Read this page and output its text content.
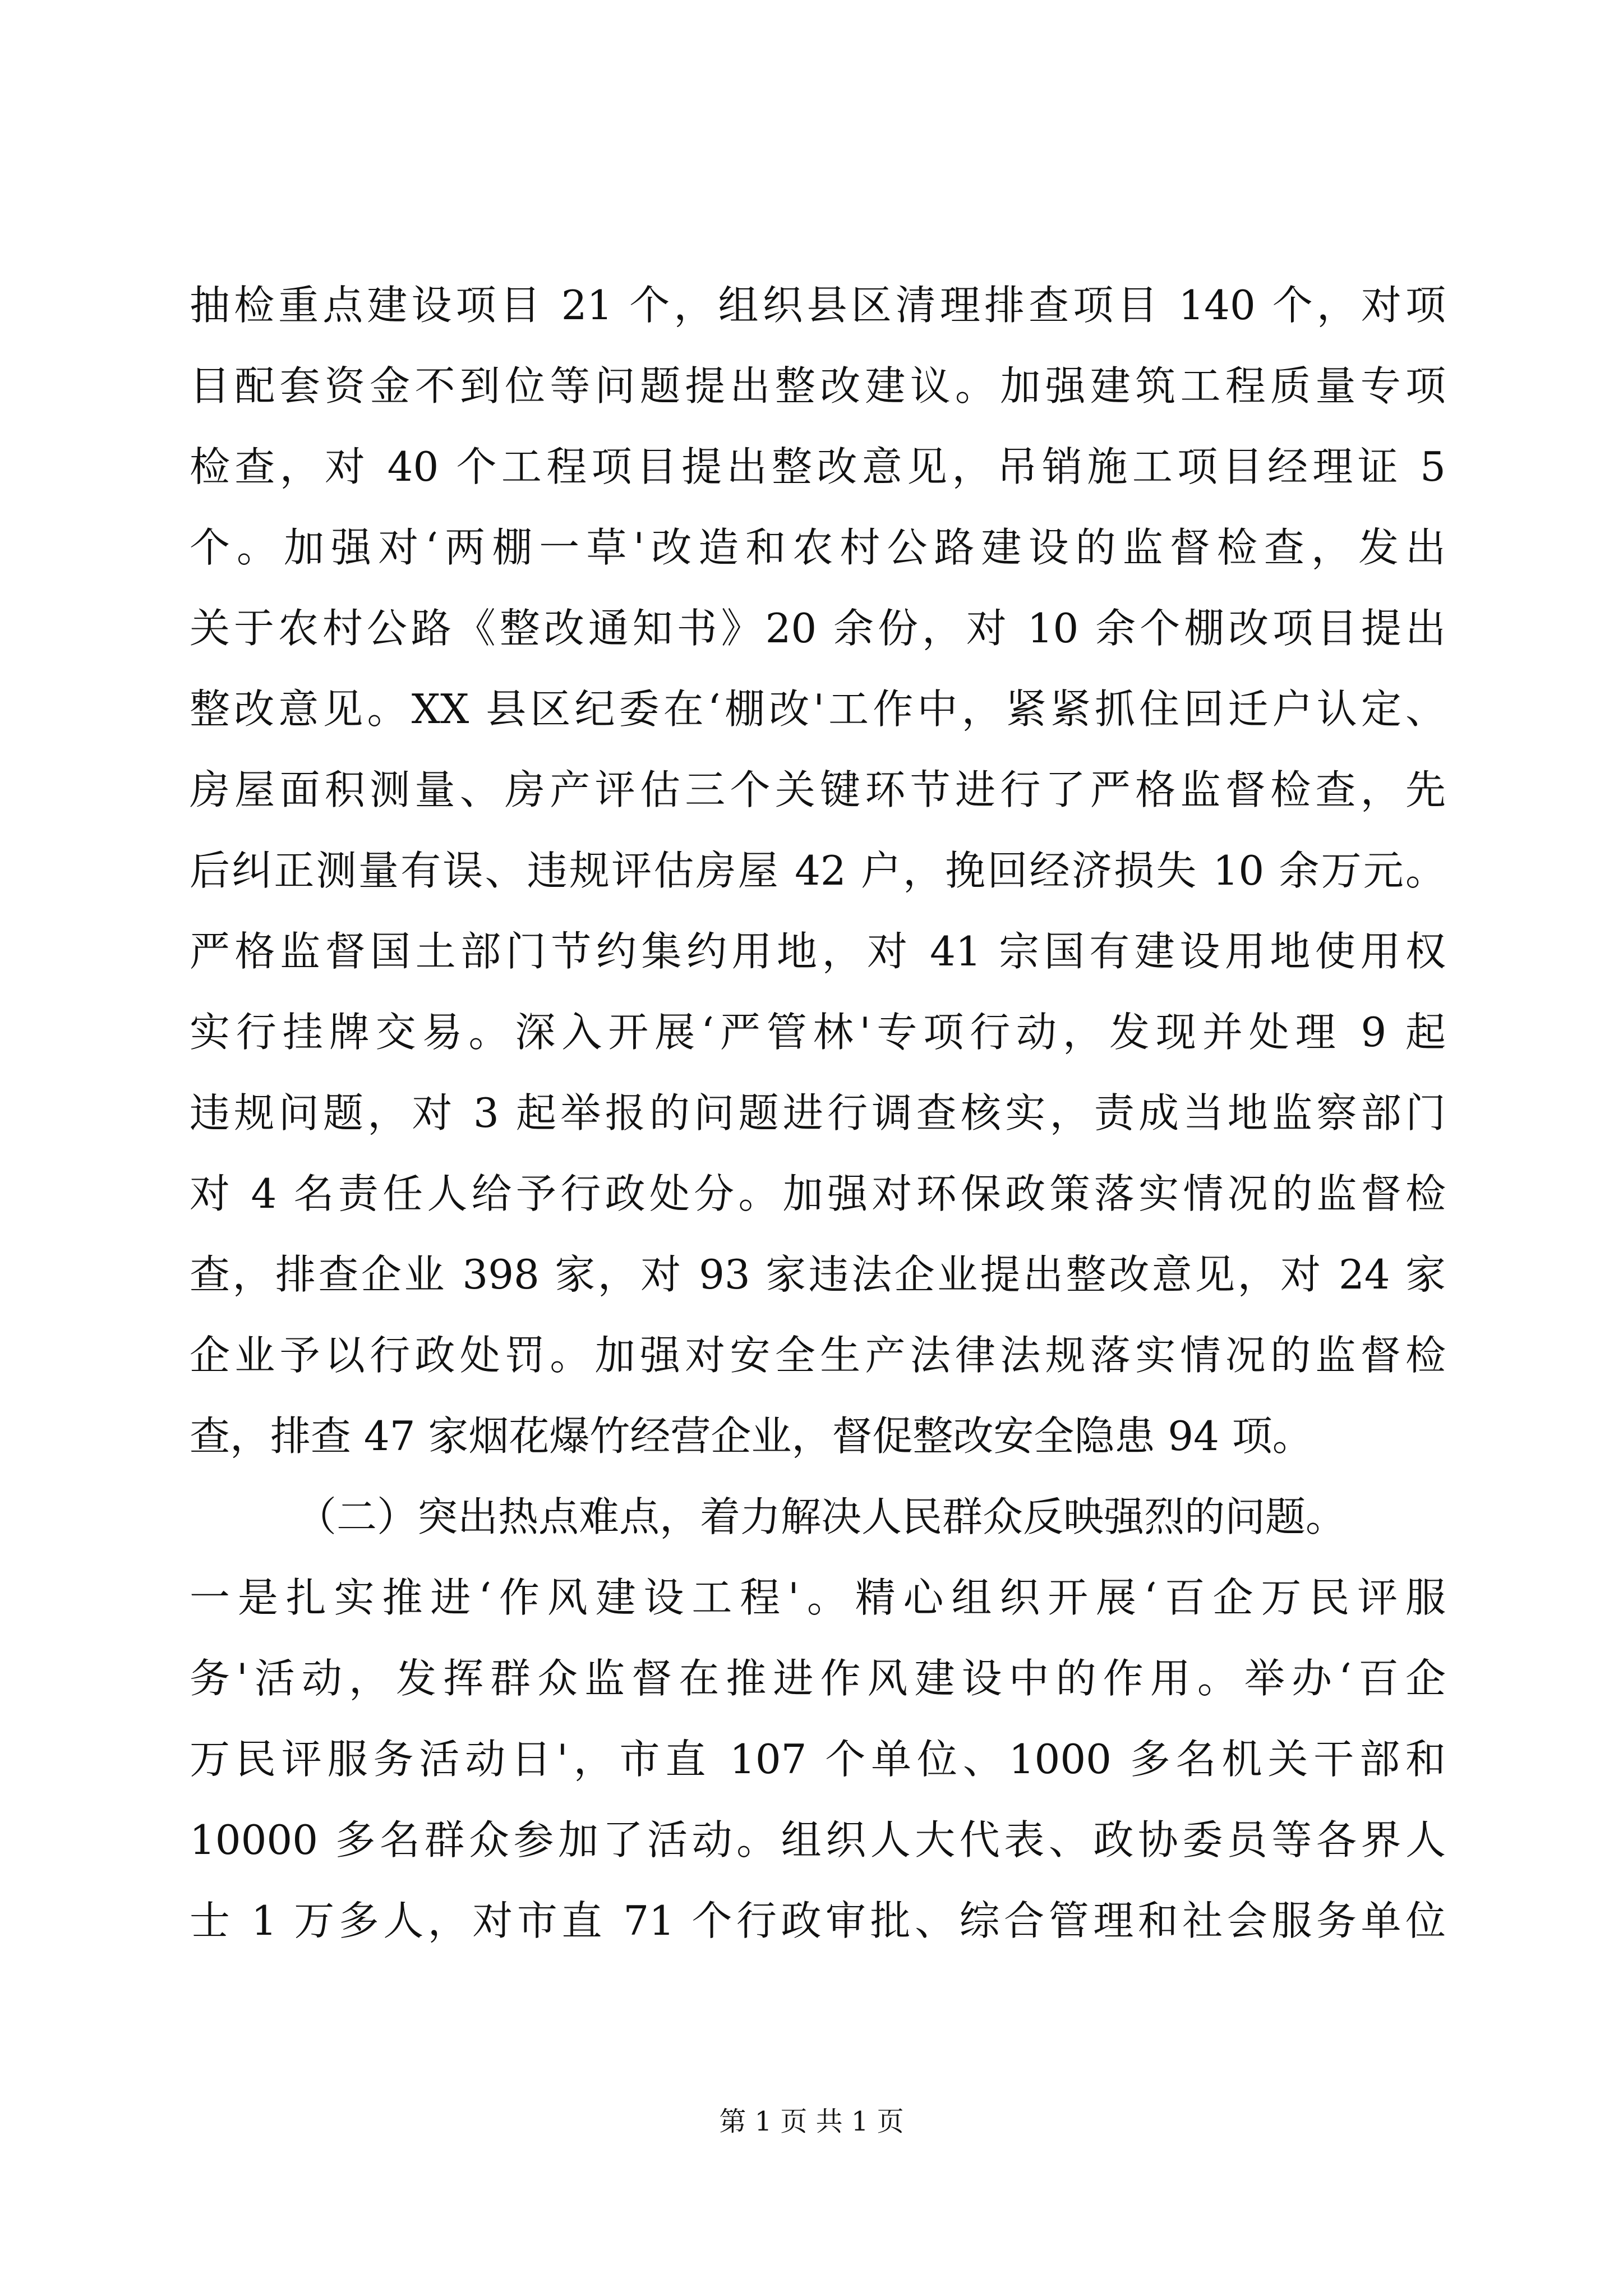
抽检重点建设项目 21 个，组织县区清理排查项目 140 个，对项
目配套资金不到位等问题提出整改建议。加强建筑工程质量专项
检查，对 40 个工程项目提出整改意见，吊销施工项目经理证 5
个。加强对‘两棚一草'改造和农村公路建设的监督检查，发出
关于农村公路《整改通知书》20 余份，对 10 余个棚改项目提出
整改意见。XX 县区纪委在‘棚改'工作中，紧紧抓住回迁户认定、
房屋面积测量、房产评估三个关键环节进行了严格监督检查，先
后纠正测量有误、违规评估房屋 42 户，挽回经济损失 10 余万元。
严格监督国土部门节约集约用地，对 41 宗国有建设用地使用权
实行挂牌交易。深入开展‘严管林'专项行动，发现并处理 9 起
违规问题，对 3 起举报的问题进行调查核实，责成当地监察部门
对 4 名责任人给予行政处分。加强对环保政策落实情况的监督检
查，排查企业 398 家，对 93 家违法企业提出整改意见，对 24 家
企业予以行政处罚。加强对安全生产法律法规落实情况的监督检
查，排查 47 家烟花爆竹经营企业，督促整改安全隐患 94 项。
（二）突出热点难点，着力解决人民群众反映强烈的问题。
一是扎实推进‘作风建设工程'。精心组织开展‘百企万民评服
务'活动，发挥群众监督在推进作风建设中的作用。举办‘百企
万民评服务活动日'，市直 107 个单位、1000 多名机关干部和
10000 多名群众参加了活动。组织人大代表、政协委员等各界人
士 1 万多人，对市直 71 个行政审批、综合管理和社会服务单位
第 1 页 共 1 页
